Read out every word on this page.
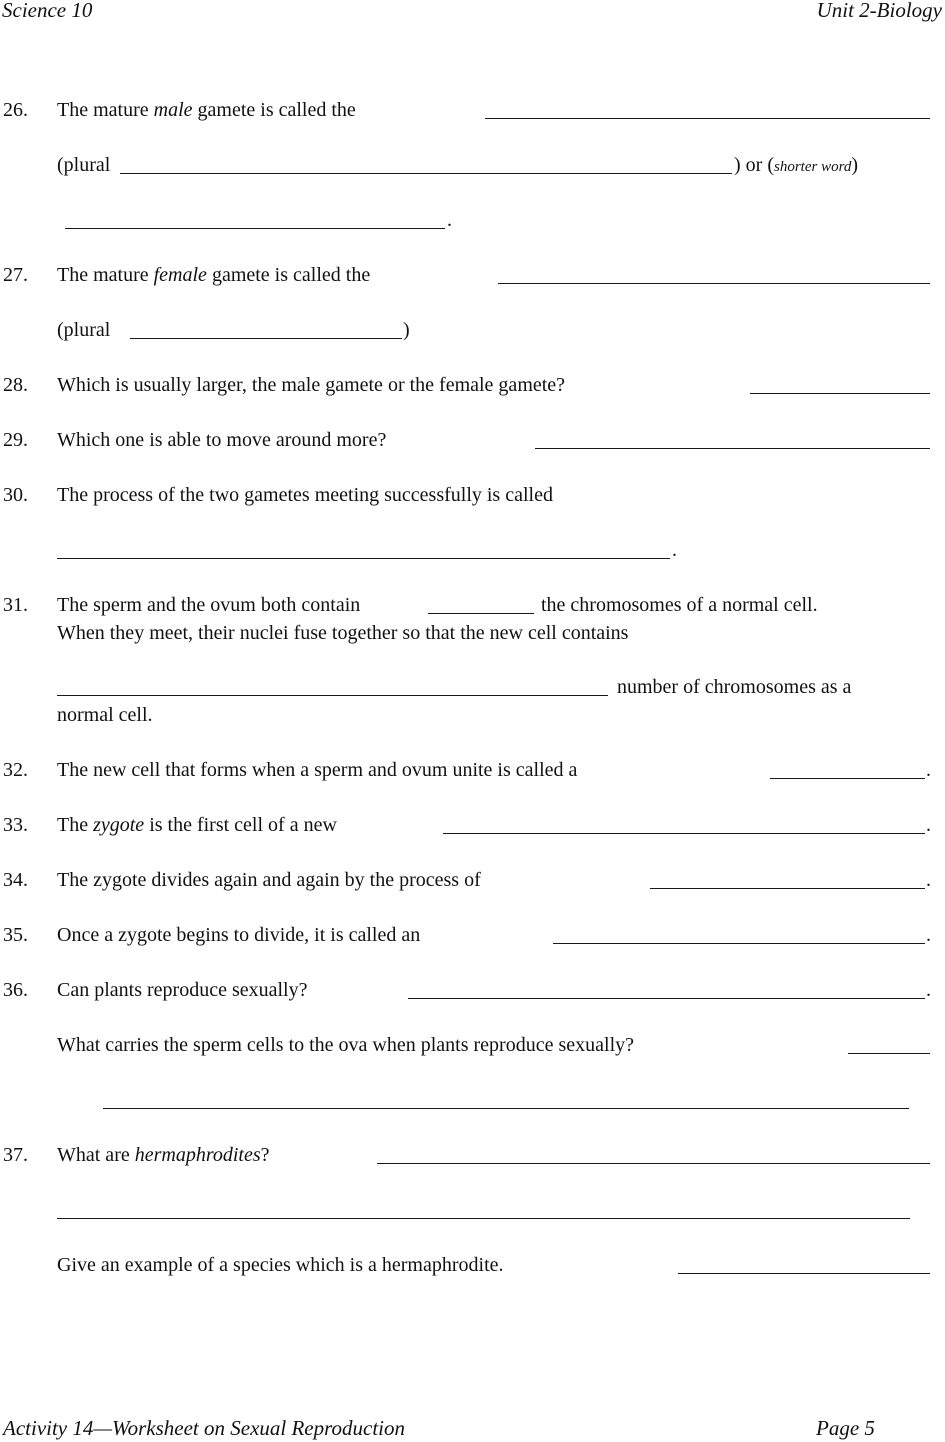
Science 10	Unit 2-Biology
26. The mature male gamete is called the
(plural	) or (shorter word)
.
27. The mature female gamete is called the
(plural	)
28. Which is usually larger, the male gamete or the female gamete?
29. Which one is able to move around more?
30. The process of the two gametes meeting successfully is called
.
31. The sperm and the ovum both contain	the chromosomes of a normal cell.
When they meet, their nuclei fuse together so that the new cell contains
number of chromosomes as a
normal cell.
32. The new cell that forms when a sperm and ovum unite is called a	.
33. The zygote is the first cell of a new	.
34. The zygote divides again and again by the process of	.
35. Once a zygote begins to divide, it is called an	.
36. Can plants reproduce sexually?	.
What carries the sperm cells to the ova when plants reproduce sexually?
37. What are hermaphrodites?
Give an example of a species which is a hermaphrodite.
Activity 14—Worksheet on Sexual Reproduction	Page 5
